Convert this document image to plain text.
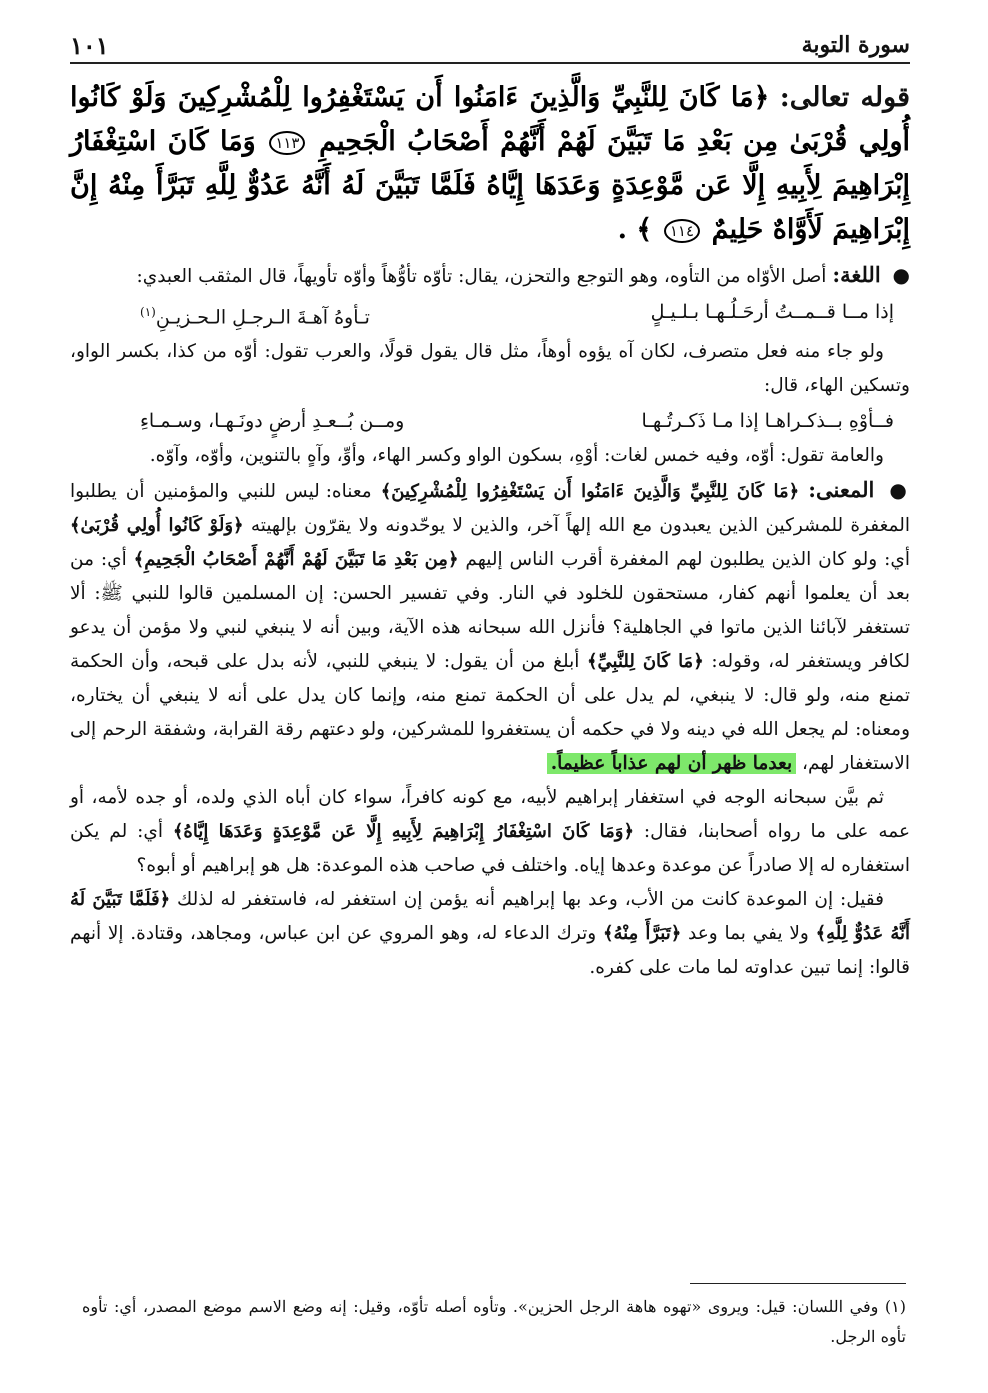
سورة التوبة
١٠١
قوله تعالى: ﴿مَا كَانَ لِلنَّبِيِّ وَالَّذِينَ ءَامَنُوا أَن يَسْتَغْفِرُوا لِلْمُشْرِكِينَ وَلَوْ كَانُوا أُولِي قُرْبَىٰ مِن بَعْدِ مَا تَبَيَّنَ لَهُمْ أَنَّهُمْ أَصْحَابُ الْجَحِيمِ ١١٣ وَمَا كَانَ اسْتِغْفَارُ إِبْرَاهِيمَ لِأَبِيهِ إِلَّا عَن مَّوْعِدَةٍ وَعَدَهَا إِيَّاهُ فَلَمَّا تَبَيَّنَ لَهُ أَنَّهُ عَدُوٌّ لِلَّهِ تَبَرَّأَ مِنْهُ إِنَّ إِبْرَاهِيمَ لَأَوَّاهٌ حَلِيمٌ ١١٤ ﴾ .

● اللغة: أصل الأوّاه من التأوه، وهو التوجع والتحزن، يقال: تأوّه تأوُّهاً وأوّه تأويهاً، قال المثقب العبدي:

إذا مــا قــمــتُ أرحَـلُـهـا بـلـيـلٍ
تـأوهُ آهـةَ الـرجـلِ الـحـزيـنِ$^{(١)}$

ولو جاء منه فعل متصرف، لكان آه يؤوه أوهاً، مثل قال يقول قولًا، والعرب تقول: أوّه من كذا، بكسر الواو، وتسكين الهاء، قال:

فــأوْهِ بــذكـراهـا إذا مـا ذَكـرتُـهـا
ومــن بُــعـدِ أرضٍ دونَـهـا، وسـمـاءِ

والعامة تقول: أوّه، وفيه خمس لغات: أوْهِ، بسكون الواو وكسر الهاء، وأوِّ، وآهٍ بالتنوين، وأوّه، وآوّه.

● المعنى: ﴿مَا كَانَ لِلنَّبِيِّ وَالَّذِينَ ءَامَنُوا أَن يَسْتَغْفِرُوا لِلْمُشْرِكِينَ﴾ معناه: ليس للنبي والمؤمنين أن يطلبوا المغفرة للمشركين الذين يعبدون مع الله إلهاً آخر، والذين لا يوحّدونه ولا يقرّون بإلهيته ﴿وَلَوْ كَانُوا أُولِي قُرْبَىٰ﴾ أي: ولو كان الذين يطلبون لهم المغفرة أقرب الناس إليهم ﴿مِن بَعْدِ مَا تَبَيَّنَ لَهُمْ أَنَّهُمْ أَصْحَابُ الْجَحِيمِ﴾ أي: من بعد أن يعلموا أنهم كفار، مستحقون للخلود في النار. وفي تفسير الحسن: إن المسلمين قالوا للنبي ﷺ: ألا تستغفر لآبائنا الذين ماتوا في الجاهلية؟ فأنزل الله سبحانه هذه الآية، وبين أنه لا ينبغي لنبي ولا مؤمن أن يدعو لكافر ويستغفر له، وقوله: ﴿مَا كَانَ لِلنَّبِيِّ﴾ أبلغ من أن يقول: لا ينبغي للنبي، لأنه بدل على قبحه، وأن الحكمة تمنع منه، ولو قال: لا ينبغي، لم يدل على أن الحكمة تمنع منه، وإنما كان يدل على أنه لا ينبغي أن يختاره، ومعناه: لم يجعل الله في دينه ولا في حكمه أن يستغفروا للمشركين، ولو دعتهم رقة القرابة، وشفقة الرحم إلى الاستغفار لهم، بعدما ظهر أن لهم عذاباً عظيماً.

ثم بيَّن سبحانه الوجه في استغفار إبراهيم لأبيه، مع كونه كافراً، سواء كان أباه الذي ولده، أو جده لأمه، أو عمه على ما رواه أصحابنا، فقال: ﴿وَمَا كَانَ اسْتِغْفَارُ إِبْرَاهِيمَ لِأَبِيهِ إِلَّا عَن مَّوْعِدَةٍ وَعَدَهَا إِيَّاهُ﴾ أي: لم يكن استغفاره له إلا صادراً عن موعدة وعدها إياه. واختلف في صاحب هذه الموعدة: هل هو إبراهيم أو أبوه؟

فقيل: إن الموعدة كانت من الأب، وعد بها إبراهيم أنه يؤمن إن استغفر له، فاستغفر له لذلك ﴿فَلَمَّا تَبَيَّنَ لَهُ أَنَّهُ عَدُوٌّ لِلَّهِ﴾ ولا يفي بما وعد ﴿تَبَرَّأَ مِنْهُ﴾ وترك الدعاء له، وهو المروي عن ابن عباس، ومجاهد، وقتادة. إلا أنهم قالوا: إنما تبين عداوته لما مات على كفره.

(١) وفي اللسان: قيل: ويروى «تهوه هاهة الرجل الحزين». وتأوه أصله تأوّه، وقيل: إنه وضع الاسم موضع المصدر، أي: تأوه تأوه الرجل.
